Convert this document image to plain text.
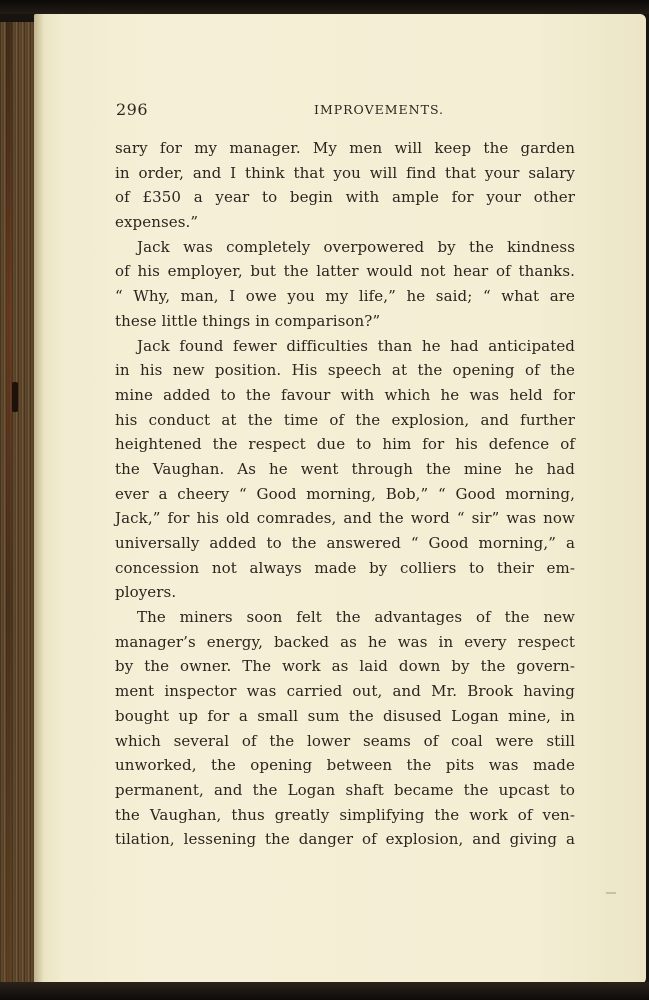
296	IMPROVEMENTS.
sary for my manager. My men will keep the garden
in order, and I think that you will find that your salary
of £350 a year to begin with ample for your other
expenses.”
Jack was completely overpowered by the kindness
of his employer, but the latter would not hear of thanks.
“ Why, man, I owe you my life,” he said; “ what are
these little things in comparison?”
Jack found fewer difficulties than he had anticipated
in his new position. His speech at the opening of the
mine added to the favour with which he was held for
his conduct at the time of the explosion, and further
heightened the respect due to him for his defence of
the Vaughan. As he went through the mine he had
ever a cheery “ Good morning, Bob,” “ Good morning,
Jack,” for his old comrades, and the word “ sir” was now
universally added to the answered “ Good morning,” a
concession not always made by colliers to their em-
ployers.
The miners soon felt the advantages of the new
manager’s energy, backed as he was in every respect
by the owner. The work as laid down by the govern-
ment inspector was carried out, and Mr. Brook having
bought up for a small sum the disused Logan mine, in
which several of the lower seams of coal were still
unworked, the opening between the pits was made
permanent, and the Logan shaft became the upcast to
the Vaughan, thus greatly simplifying the work of ven-
tilation, lessening the danger of explosion, and giving a
